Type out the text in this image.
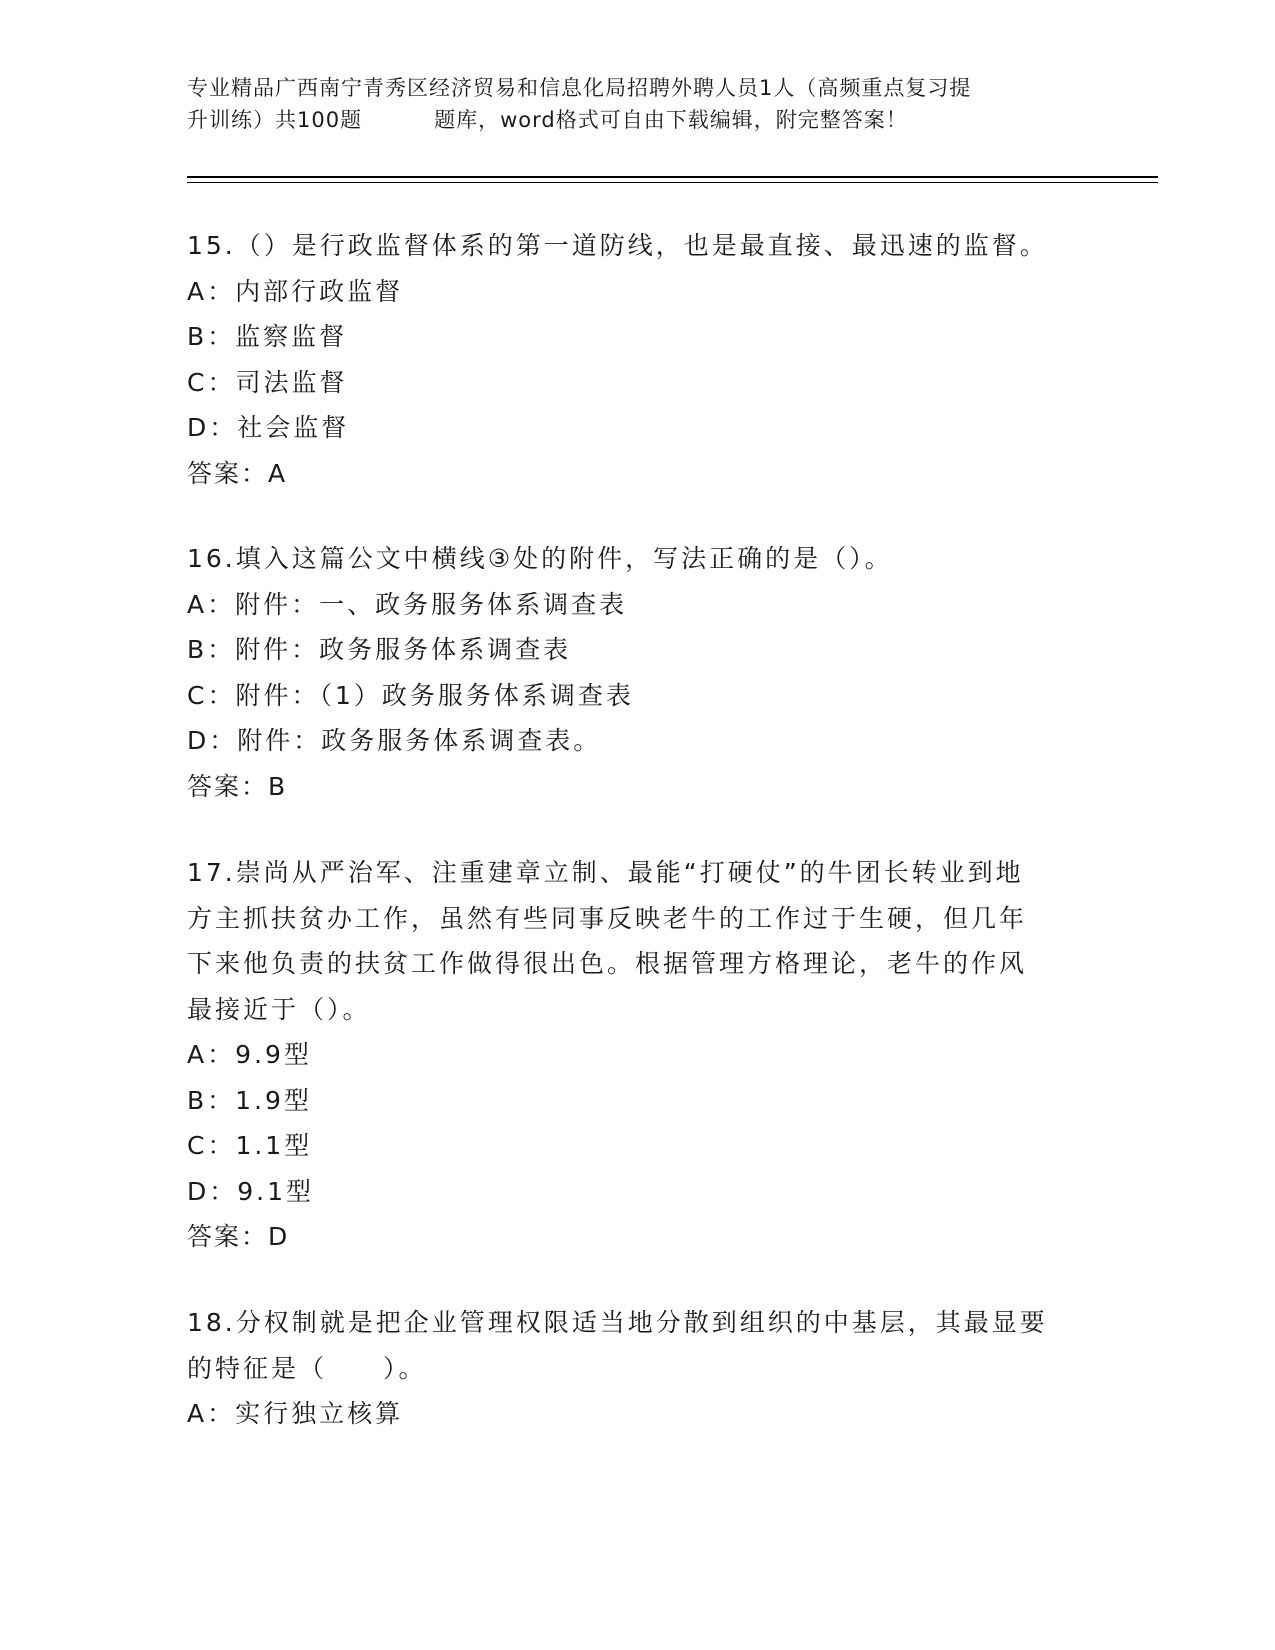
专业精品广西南宁青秀区经济贸易和信息化局招聘外聘人员1人（高频重点复习提
升训练）共100题	题库，word格式可自由下载编辑，附完整答案！

15.（）是行政监督体系的第一道防线，也是最直接、最迅速的监督。

A：内部行政监督

B：监察监督

C：司法监督

D：社会监督

答案：A

16.填入这篇公文中横线③处的附件，写法正确的是（）。

A：附件：一、政务服务体系调查表

B：附件：政务服务体系调查表

C：附件：（1）政务服务体系调查表

D：附件：政务服务体系调查表。

答案：B

17.崇尚从严治军、注重建章立制、最能“打硬仗”的牛团长转业到地

方主抓扶贫办工作，虽然有些同事反映老牛的工作过于生硬，但几年

下来他负责的扶贫工作做得很出色。根据管理方格理论，老牛的作风

最接近于（）。

A：9.9型

B：1.9型

C：1.1型

D：9.1型

答案：D

18.分权制就是把企业管理权限适当地分散到组织的中基层，其最显要

的特征是（　　）。

A：实行独立核算
